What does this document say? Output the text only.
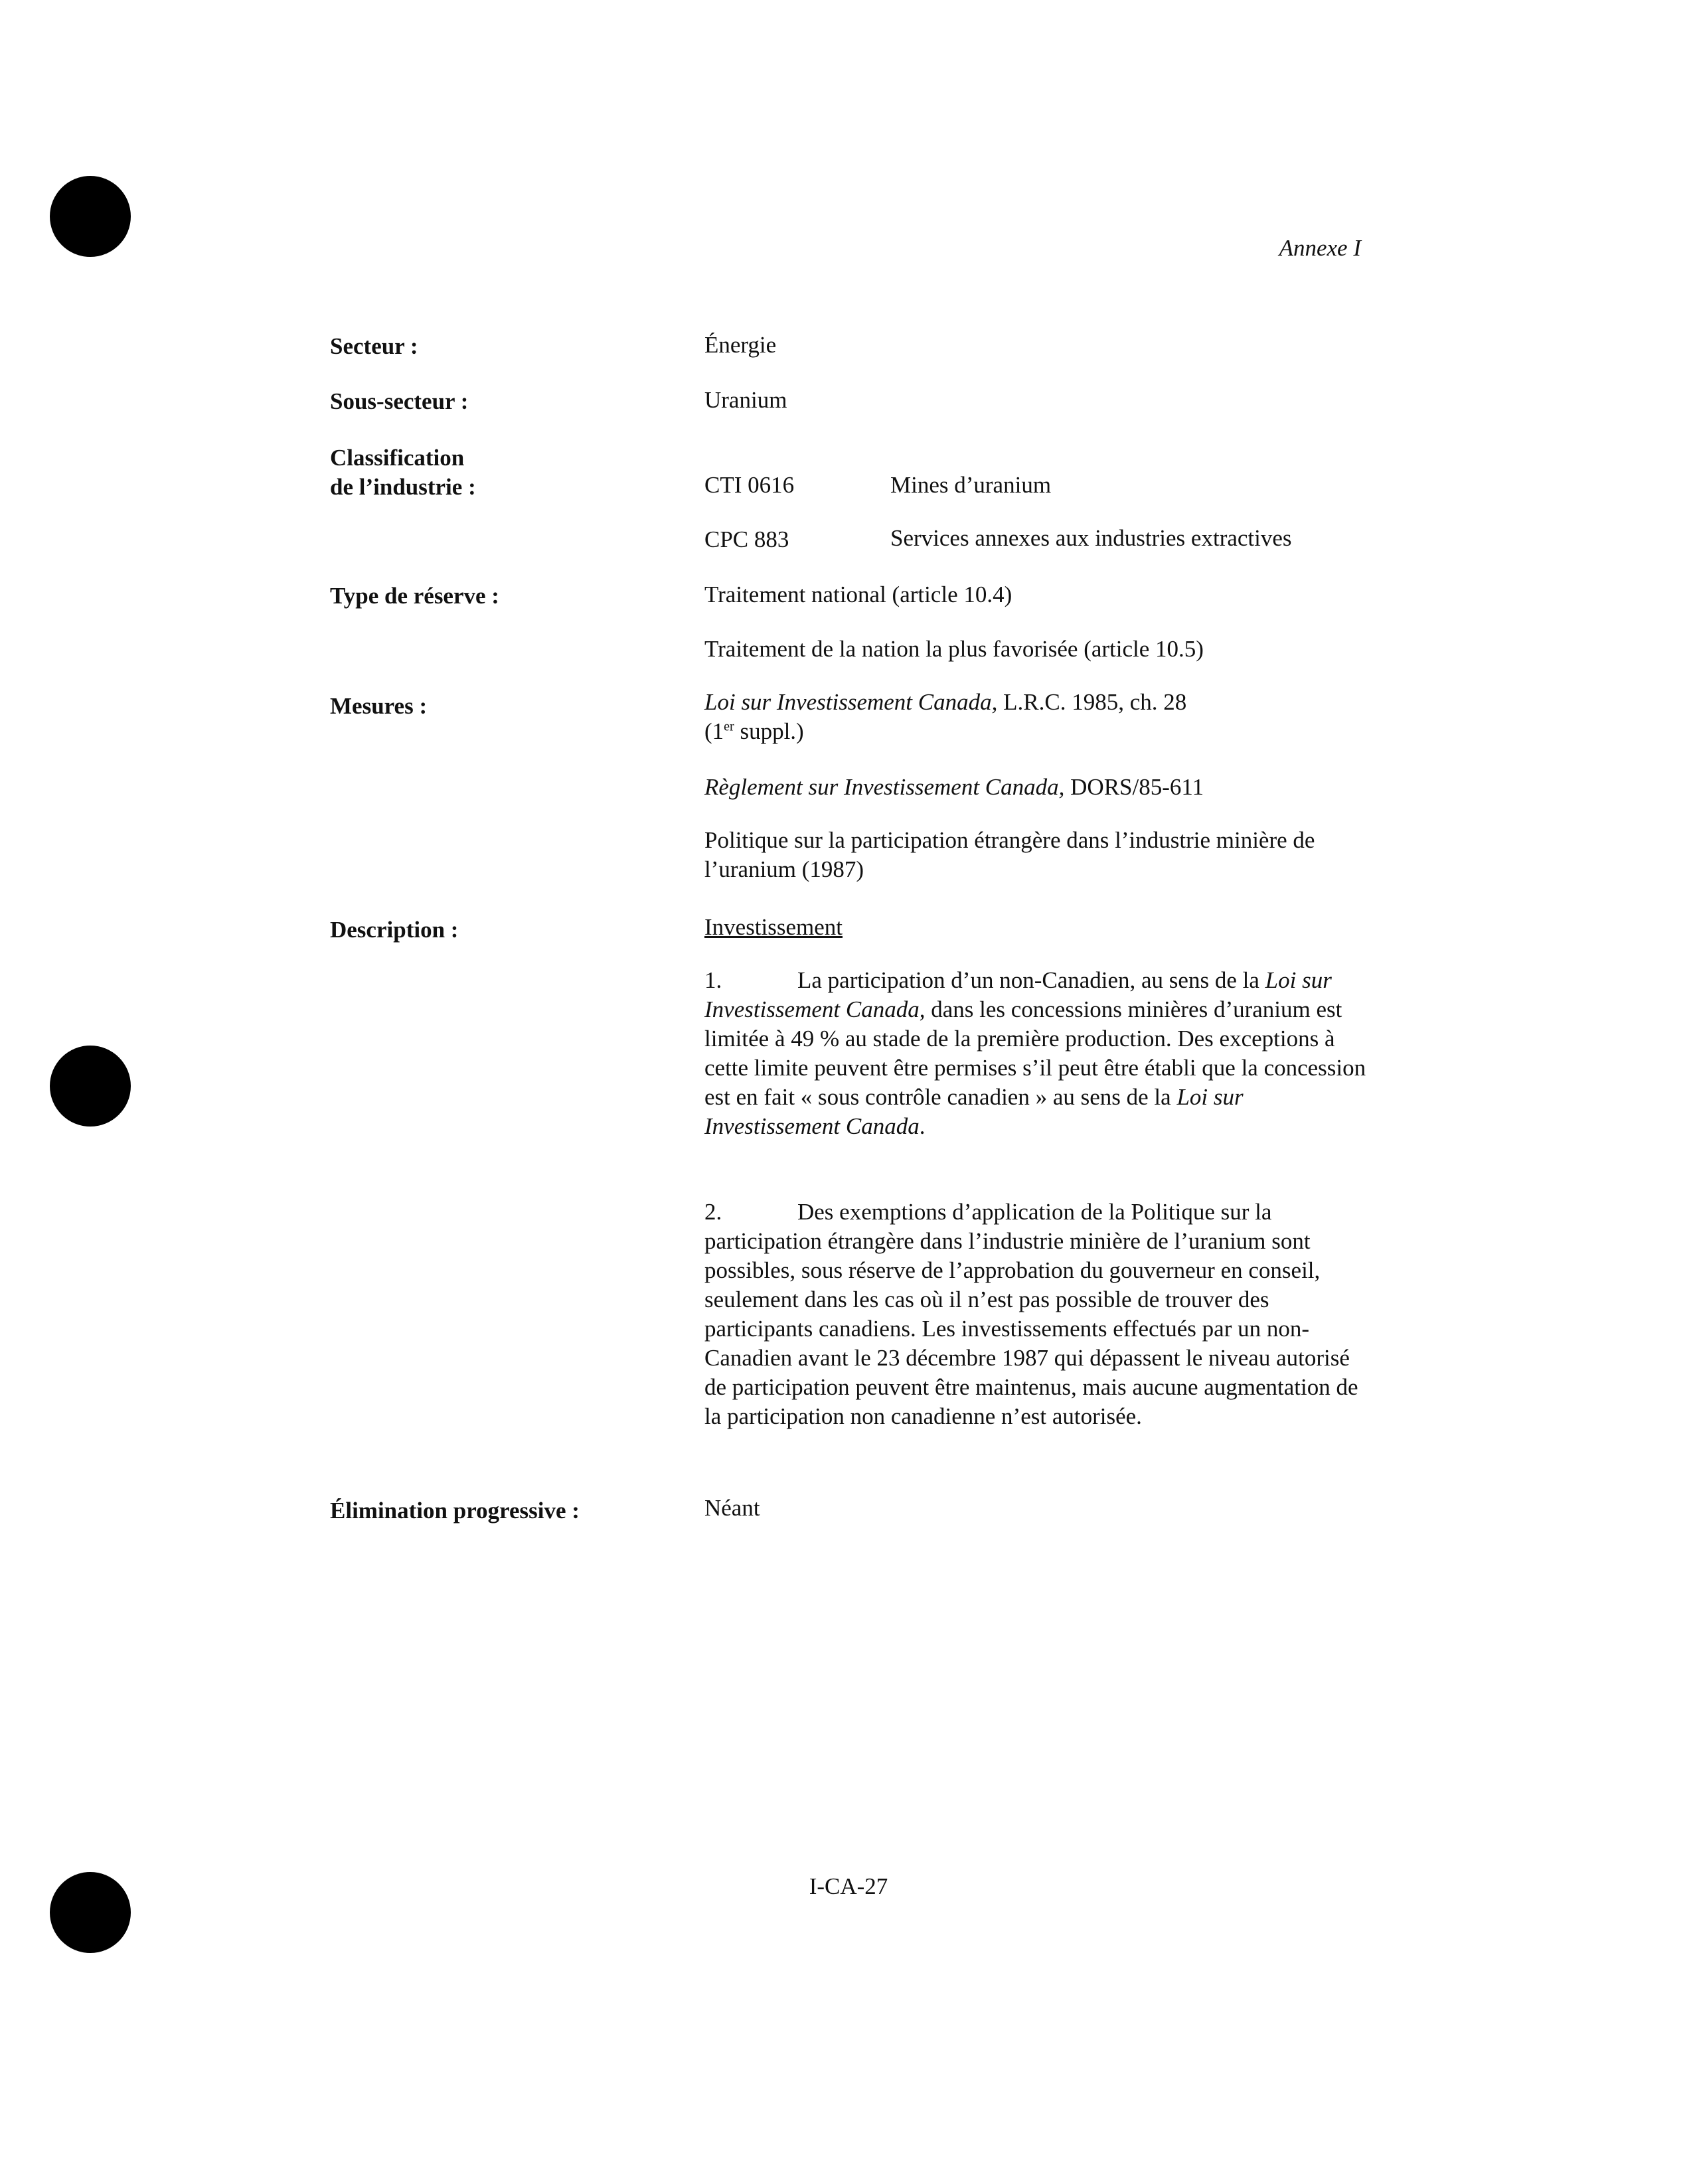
Annexe I
Secteur :	Énergie
Sous-secteur :	Uranium
Classification
de l’industrie :	CTI 0616	Mines d’uranium
CPC 883	Services annexes aux industries extractives
Type de réserve :	Traitement national (article 10.4)
Traitement de la nation la plus favorisée (article 10.5)
Mesures :	Loi sur Investissement Canada, L.R.C. 1985, ch. 28
(1er suppl.)
Règlement sur Investissement Canada, DORS/85-611
Politique sur la participation étrangère dans l’industrie minière de l’uranium (1987)
Description :	Investissement
1.	La participation d’un non-Canadien, au sens de la Loi sur Investissement Canada, dans les concessions minières d’uranium est limitée à 49 % au stade de la première production. Des exceptions à cette limite peuvent être permises s’il peut être établi que la concession est en fait « sous contrôle canadien » au sens de la Loi sur Investissement Canada.
2.	Des exemptions d’application de la Politique sur la participation étrangère dans l’industrie minière de l’uranium sont possibles, sous réserve de l’approbation du gouverneur en conseil, seulement dans les cas où il n’est pas possible de trouver des participants canadiens. Les investissements effectués par un non-Canadien avant le 23 décembre 1987 qui dépassent le niveau autorisé de participation peuvent être maintenus, mais aucune augmentation de la participation non canadienne n’est autorisée.
Élimination progressive :	Néant
I-CA-27
